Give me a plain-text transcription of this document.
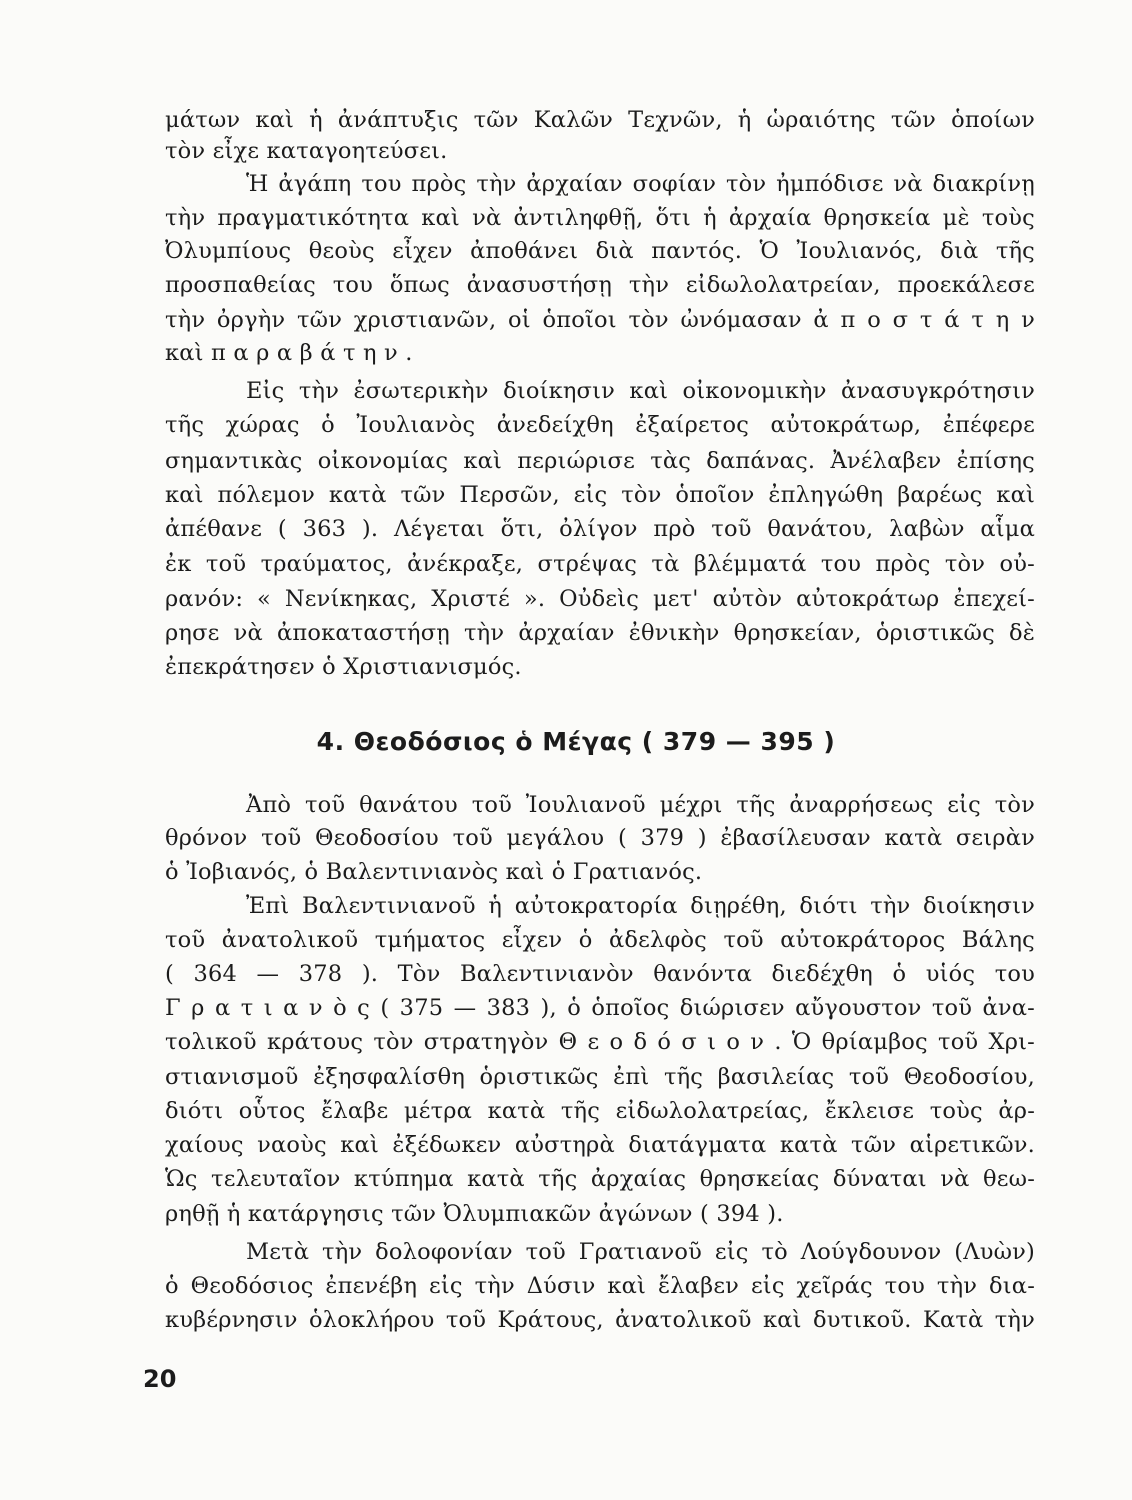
μάτων καὶ ἡ ἀνάπτυξις τῶν Καλῶν Τεχνῶν, ἡ ὡραιότης τῶν ὁποίων
τὸν εἶχε καταγοητεύσει.
Ἡ ἀγάπη του πρὸς τὴν ἀρχαίαν σοφίαν τὸν ἠμπόδισε νὰ διακρίνῃ
τὴν πραγματικότητα καὶ νὰ ἀντιληφθῇ, ὅτι ἡ ἀρχαία θρησκεία μὲ τοὺς
Ὀλυμπίους θεοὺς εἶχεν ἀποθάνει διὰ παντός. Ὁ Ἰουλιανός, διὰ τῆς
προσπαθείας του ὅπως ἀνασυστήσῃ τὴν εἰδωλολατρείαν, προεκάλεσε
τὴν ὀργὴν τῶν χριστιανῶν, οἱ ὁποῖοι τὸν ὠνόμασαν ἀ π ο σ τ ά τ η ν
καὶ π α ρ α β ά τ η ν .
Εἰς τὴν ἐσωτερικὴν διοίκησιν καὶ οἰκονομικὴν ἀνασυγκρότησιν
τῆς χώρας ὁ Ἰουλιανὸς ἀνεδείχθη ἐξαίρετος αὐτοκράτωρ, ἐπέφερε
σημαντικὰς οἰκονομίας καὶ περιώρισε τὰς δαπάνας. Ἀνέλαβεν ἐπίσης
καὶ πόλεμον κατὰ τῶν Περσῶν, εἰς τὸν ὁποῖον ἐπληγώθη βαρέως καὶ
ἀπέθανε ( 363 ). Λέγεται ὅτι, ὀλίγον πρὸ τοῦ θανάτου, λαβὼν αἷμα
ἐκ τοῦ τραύματος, ἀνέκραξε, στρέψας τὰ βλέμματά του πρὸς τὸν οὐ-
ρανόν: « Νενίκηκας, Χριστέ ». Οὐδεὶς μετ' αὐτὸν αὐτοκράτωρ ἐπεχεί-
ρησε νὰ ἀποκαταστήσῃ τὴν ἀρχαίαν ἐθνικὴν θρησκείαν, ὁριστικῶς δὲ
ἐπεκράτησεν ὁ Χριστιανισμός.
4. Θεοδόσιος ὁ Μέγας ( 379 — 395 )
Ἀπὸ τοῦ θανάτου τοῦ Ἰουλιανοῦ μέχρι τῆς ἀναρρήσεως εἰς τὸν
θρόνον τοῦ Θεοδοσίου τοῦ μεγάλου ( 379 ) ἐβασίλευσαν κατὰ σειρὰν
ὁ Ἰοβιανός, ὁ Βαλεντινιανὸς καὶ ὁ Γρατιανός.
Ἐπὶ Βαλεντινιανοῦ ἡ αὐτοκρατορία διῃρέθη, διότι τὴν διοίκησιν
τοῦ ἀνατολικοῦ τμήματος εἶχεν ὁ ἀδελφὸς τοῦ αὐτοκράτορος Βάλης
( 364 — 378 ). Τὸν Βαλεντινιανὸν θανόντα διεδέχθη ὁ υἱός του
Γ ρ α τ ι α ν ὸ ς ( 375 — 383 ), ὁ ὁποῖος διώρισεν αὔγουστον τοῦ ἀνα-
τολικοῦ κράτους τὸν στρατηγὸν Θ ε ο δ ό σ ι ο ν . Ὁ θρίαμβος τοῦ Χρι-
στιανισμοῦ ἐξησφαλίσθη ὁριστικῶς ἐπὶ τῆς βασιλείας τοῦ Θεοδοσίου,
διότι οὗτος ἔλαβε μέτρα κατὰ τῆς εἰδωλολατρείας, ἔκλεισε τοὺς ἀρ-
χαίους ναοὺς καὶ ἐξέδωκεν αὐστηρὰ διατάγματα κατὰ τῶν αἱρετικῶν.
Ὡς τελευταῖον κτύπημα κατὰ τῆς ἀρχαίας θρησκείας δύναται νὰ θεω-
ρηθῇ ἡ κατάργησις τῶν Ὀλυμπιακῶν ἀγώνων ( 394 ).
Μετὰ τὴν δολοφονίαν τοῦ Γρατιανοῦ εἰς τὸ Λούγδουνον (Λυὼν)
ὁ Θεοδόσιος ἐπενέβη εἰς τὴν Δύσιν καὶ ἔλαβεν εἰς χεῖράς του τὴν δια-
κυβέρνησιν ὁλοκλήρου τοῦ Κράτους, ἀνατολικοῦ καὶ δυτικοῦ. Κατὰ τὴν
20
